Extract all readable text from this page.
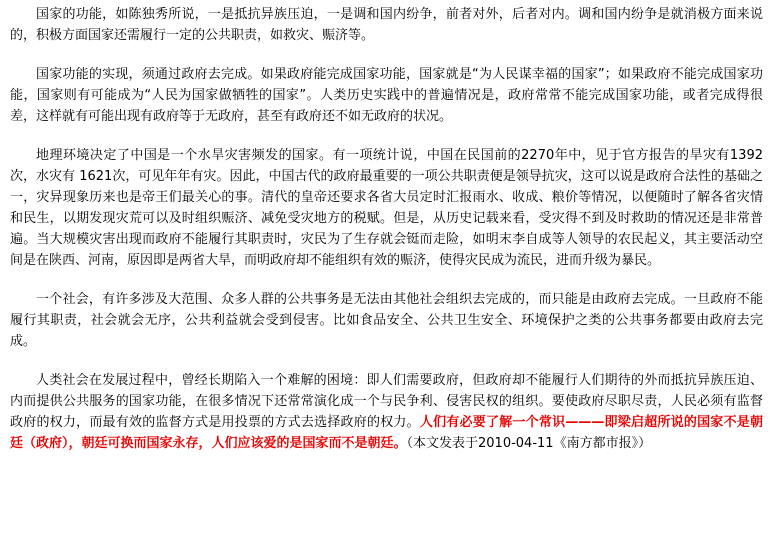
国家的功能，如陈独秀所说，一是抵抗异族压迫，一是调和国内纷争，前者对外，后者对内。调和国内纷争是就消极方面来说的，积极方面国家还需履行一定的公共职责，如救灾、赈济等。

国家功能的实现，须通过政府去完成。如果政府能完成国家功能，国家就是“为人民谋幸福的国家”；如果政府不能完成国家功能，国家则有可能成为“人民为国家做牺牲的国家”。人类历史实践中的普遍情况是，政府常常不能完成国家功能，或者完成得很差，这样就有可能出现有政府等于无政府，甚至有政府还不如无政府的状况。

地理环境决定了中国是一个水旱灾害频发的国家。有一项统计说，中国在民国前的2270年中，见于官方报告的旱灾有1392次，水灾有 1621次，可见年年有灾。因此，中国古代的政府最重要的一项公共职责便是领导抗灾，这可以说是政府合法性的基础之一，灾异现象历来也是帝王们最关心的事。清代的皇帝还要求各省大员定时汇报雨水、收成、粮价等情况，以便随时了解各省灾情和民生，以期发现灾荒可以及时组织赈济、减免受灾地方的税赋。但是，从历史记载来看，受灾得不到及时救助的情况还是非常普遍。当大规模灾害出现而政府不能履行其职责时，灾民为了生存就会铤而走险，如明末李自成等人领导的农民起义，其主要活动空间是在陕西、河南，原因即是两省大旱，而明政府却不能组织有效的赈济，使得灾民成为流民，进而升级为暴民。

一个社会，有许多涉及大范围、众多人群的公共事务是无法由其他社会组织去完成的，而只能是由政府去完成。一旦政府不能履行其职责，社会就会无序，公共利益就会受到侵害。比如食品安全、公共卫生安全、环境保护之类的公共事务都要由政府去完成。

人类社会在发展过程中，曾经长期陷入一个难解的困境：即人们需要政府，但政府却不能履行人们期待的外而抵抗异族压迫、内而提供公共服务的国家功能，在很多情况下还常常演化成一个与民争利、侵害民权的组织。要使政府尽职尽责，人民必须有监督政府的权力，而最有效的监督方式是用投票的方式去选择政府的权力。人们有必要了解一个常识———即梁启超所说的国家不是朝廷（政府），朝廷可换而国家永存，人们应该爱的是国家而不是朝廷。（本文发表于2010-04-11《南方都市报》）
